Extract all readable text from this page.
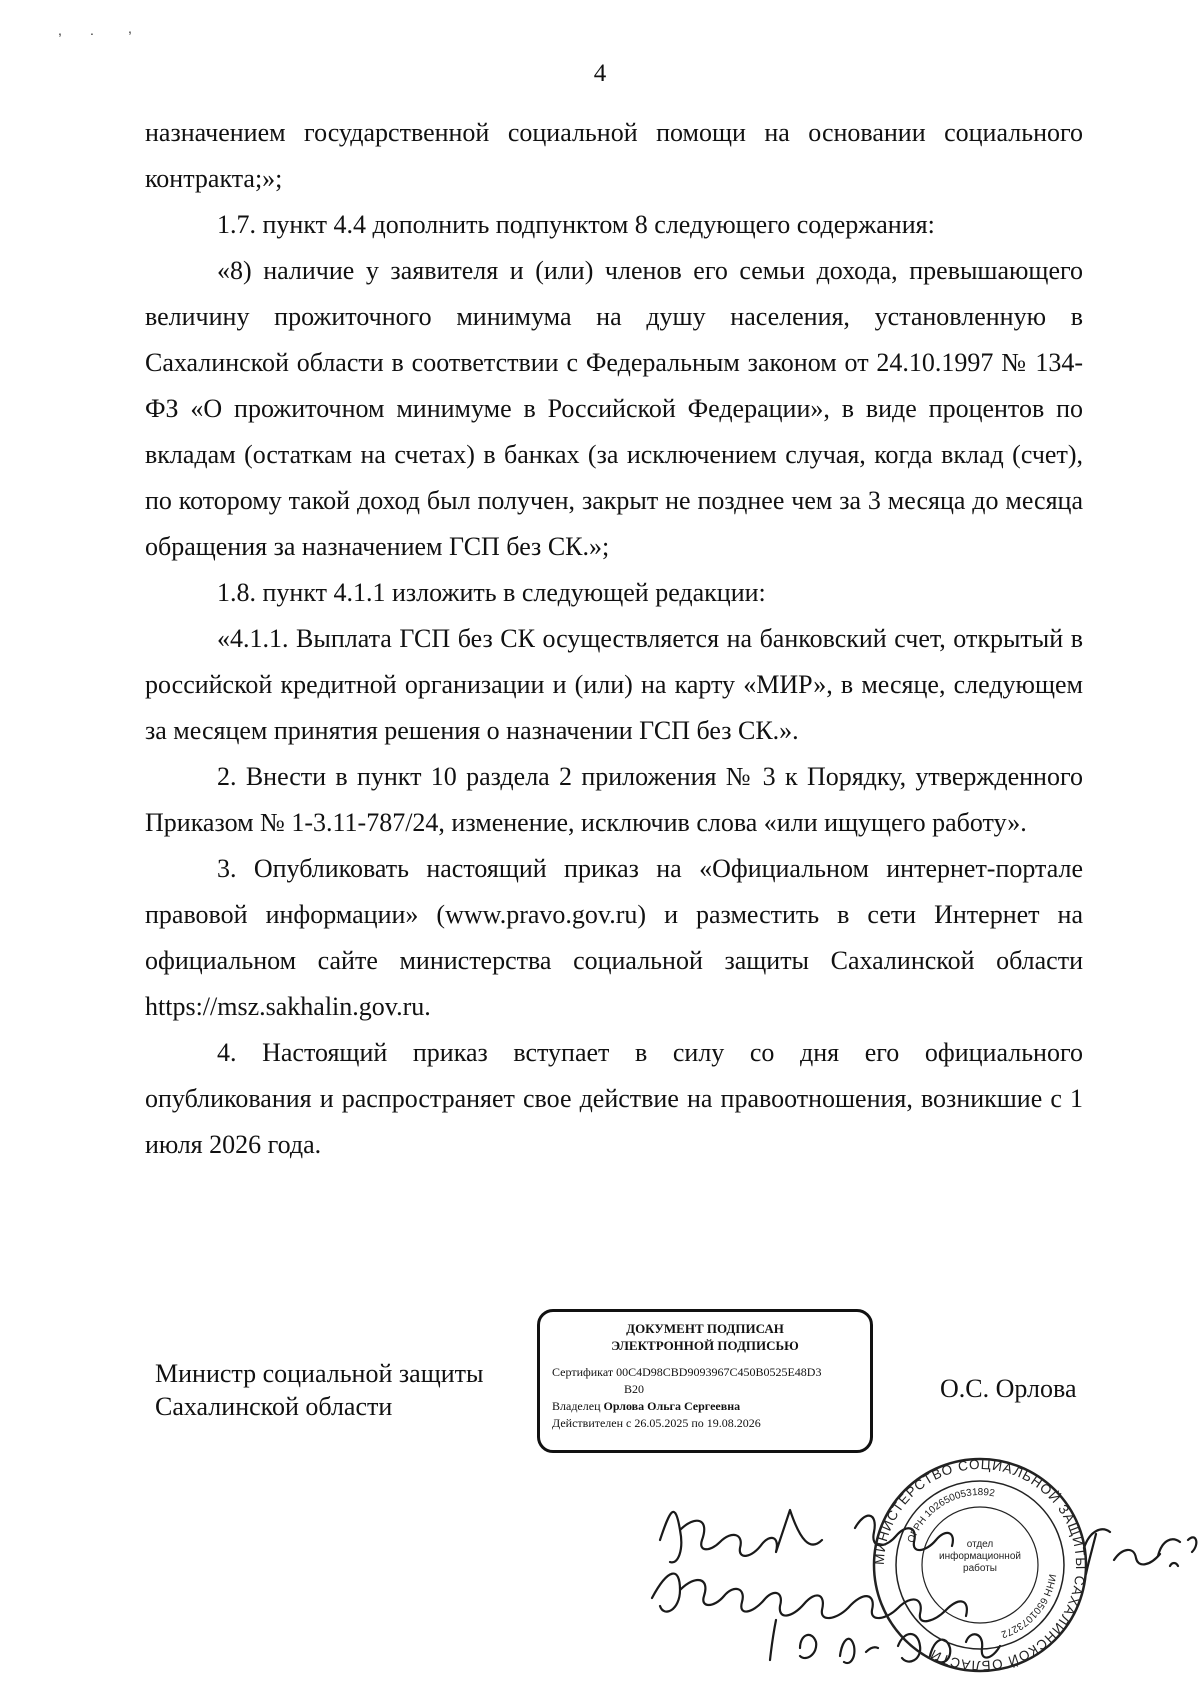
, . ,
4

назначением государственной социальной помощи на основании социального контракта;»;

1.7. пункт 4.4 дополнить подпунктом 8 следующего содержания:

«8) наличие у заявителя и (или) членов его семьи дохода, превышающего величину прожиточного минимума на душу населения, установленную в Сахалинской области в соответствии с Федеральным законом от 24.10.1997 № 134-ФЗ «О прожиточном минимуме в Российской Федерации», в виде процентов по вкладам (остаткам на счетах) в банках (за исключением случая, когда вклад (счет), по которому такой доход был получен, закрыт не позднее чем за 3 месяца до месяца обращения за назначением ГСП без СК.»;

1.8. пункт 4.1.1 изложить в следующей редакции:

«4.1.1. Выплата ГСП без СК осуществляется на банковский счет, открытый в российской кредитной организации и (или) на карту «МИР», в месяце, следующем за месяцем принятия решения о назначении ГСП без СК.».

2. Внести в пункт 10 раздела 2 приложения № 3 к Порядку, утвержденного Приказом № 1-3.11-787/24, изменение, исключив слова «или ищущего работу».

3. Опубликовать настоящий приказ на «Официальном интернет-портале правовой информации» (www.pravo.gov.ru) и разместить в сети Интернет на официальном сайте министерства социальной защиты Сахалинской области https://msz.sakhalin.gov.ru.

4. Настоящий приказ вступает в силу со дня его официального опубликования и распространяет свое действие на правоотношения, возникшие с 1 июля 2026 года.

Министр социальной защиты
Сахалинской области
ДОКУМЕНТ ПОДПИСАН
ЭЛЕКТРОННОЙ ПОДПИСЬЮ
Сертификат 00C4D98CBD9093967C450B0525E48D3
B20
Владелец Орлова Ольга Сергеевна
Действителен с 26.05.2025 по 19.08.2026
О.С. Орлова
МИНИСТЕРСТВО СОЦИАЛЬНОЙ ЗАЩИТЫ САХАЛИНСКОЙ ОБЛАСТИ
ОГРН 1026500531892
ИНН 6501073272
отдел информационной работы
